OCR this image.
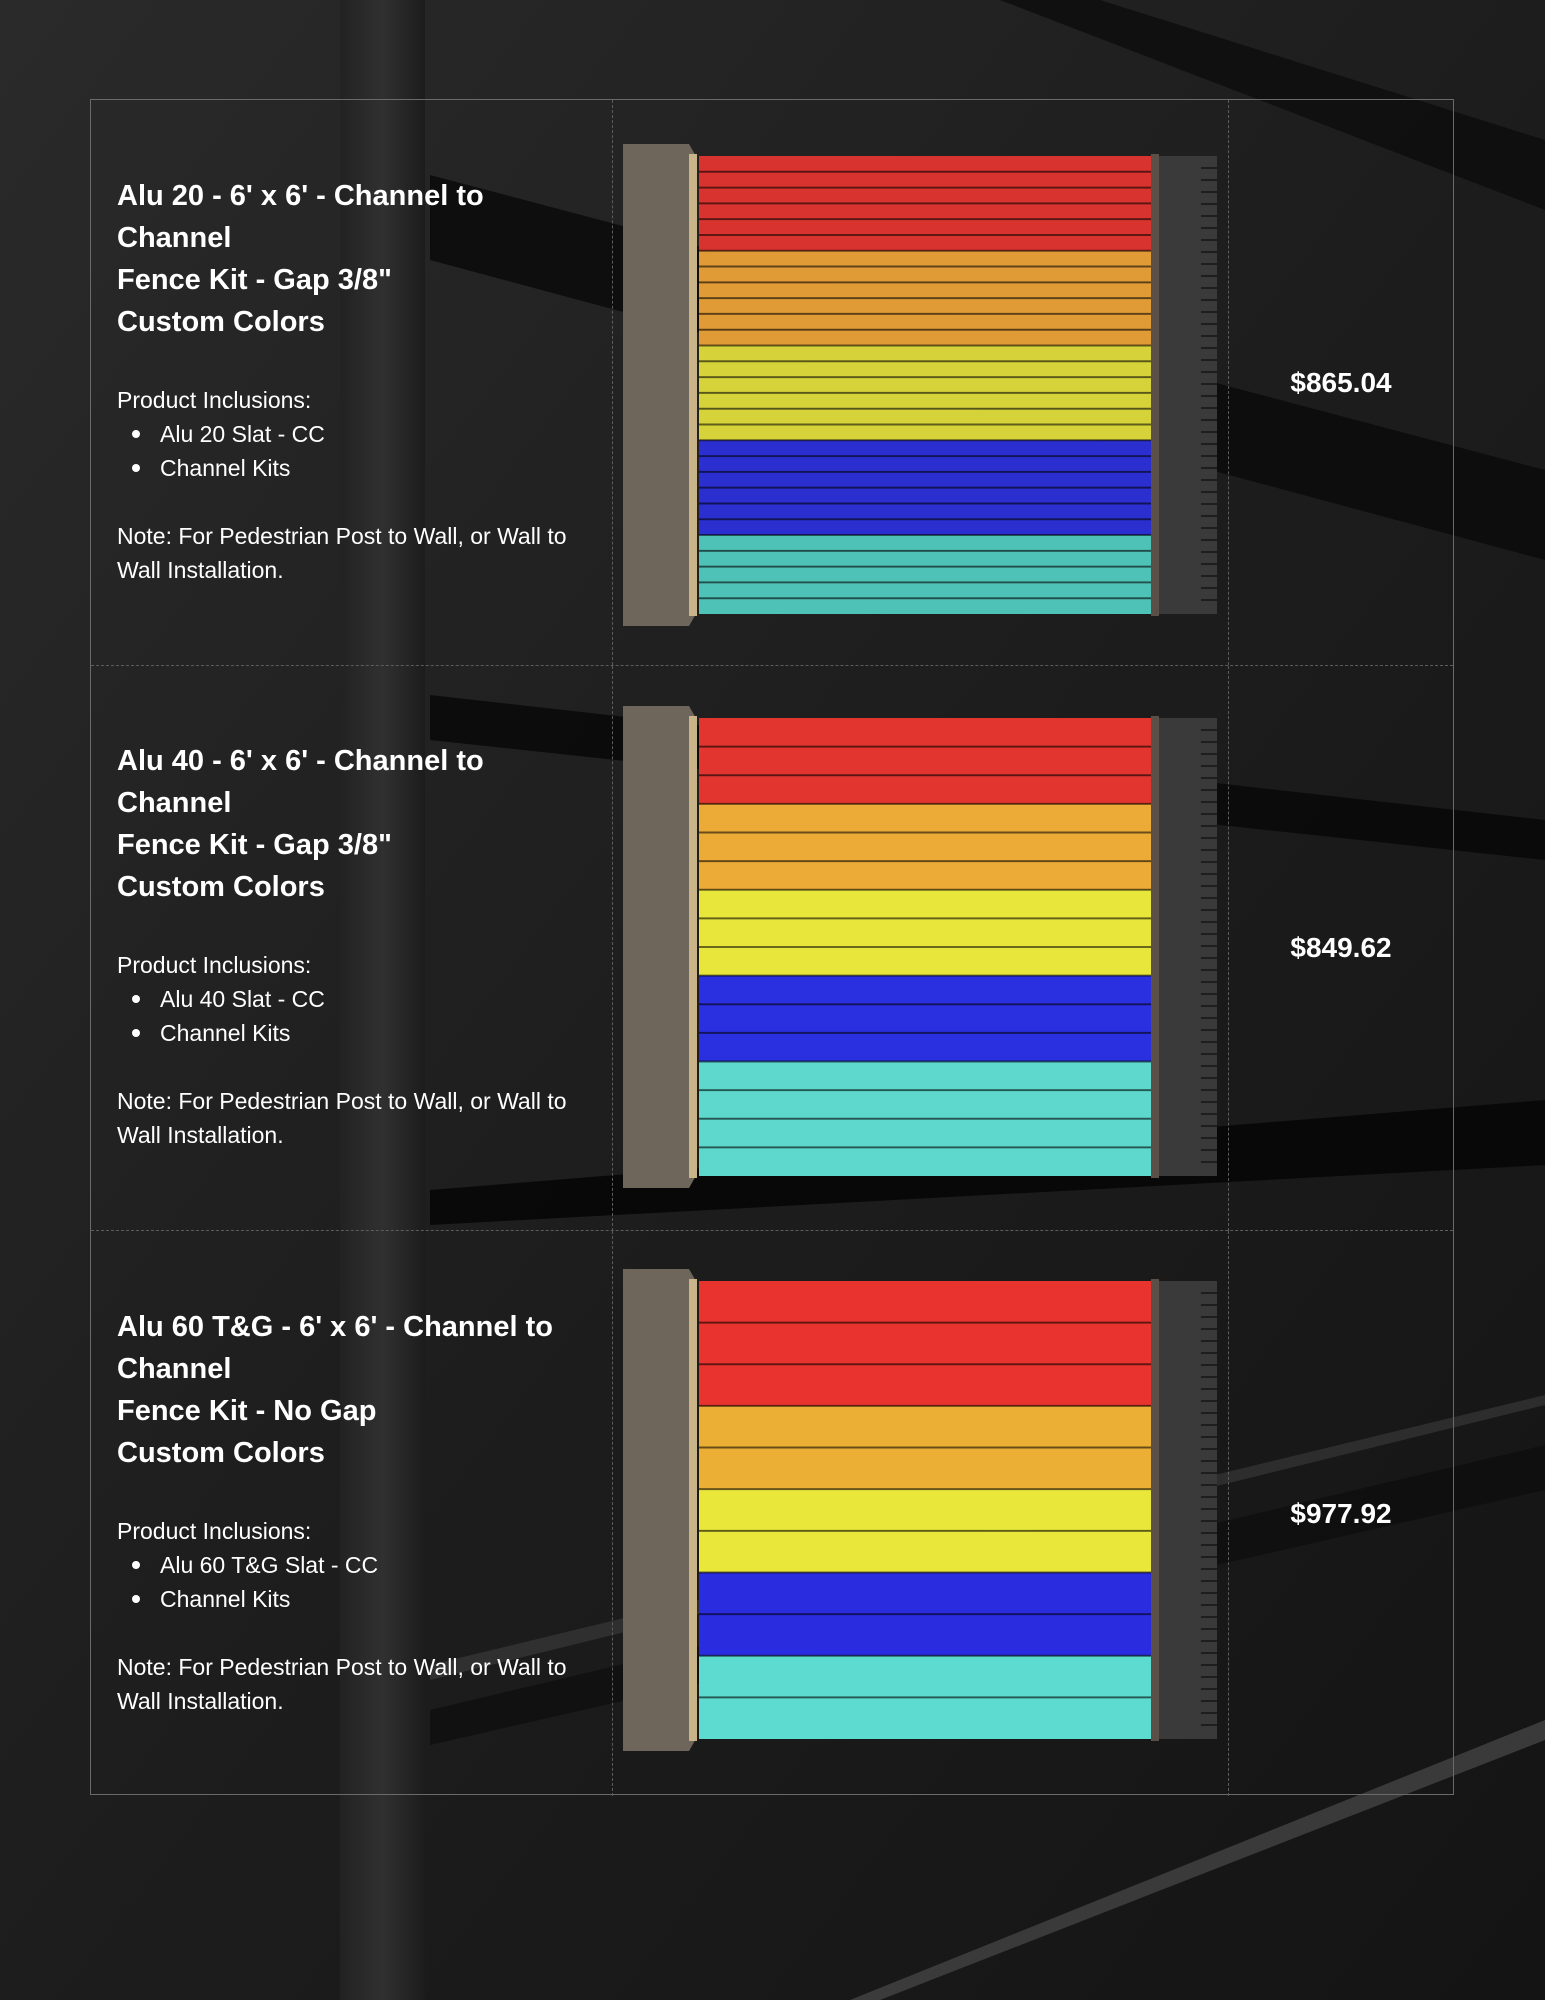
Alu 20 - 6' x 6' - Channel to
Channel
Fence Kit - Gap 3/8"
Custom Colors
Product Inclusions:
Alu 20 Slat - CC
Channel Kits
Note: For Pedestrian Post to Wall, or Wall to Wall Installation.
$865.04
Alu 40 - 6' x 6' - Channel to
Channel
Fence Kit - Gap 3/8"
Custom Colors
Product Inclusions:
Alu 40 Slat - CC
Channel Kits
Note: For Pedestrian Post to Wall, or Wall to Wall Installation.
$849.62
Alu 60 T&G - 6' x 6' - Channel to
Channel
Fence Kit - No Gap
Custom Colors
Product Inclusions:
Alu 60 T&G Slat - CC
Channel Kits
Note: For Pedestrian Post to Wall, or Wall to Wall Installation.
$977.92
